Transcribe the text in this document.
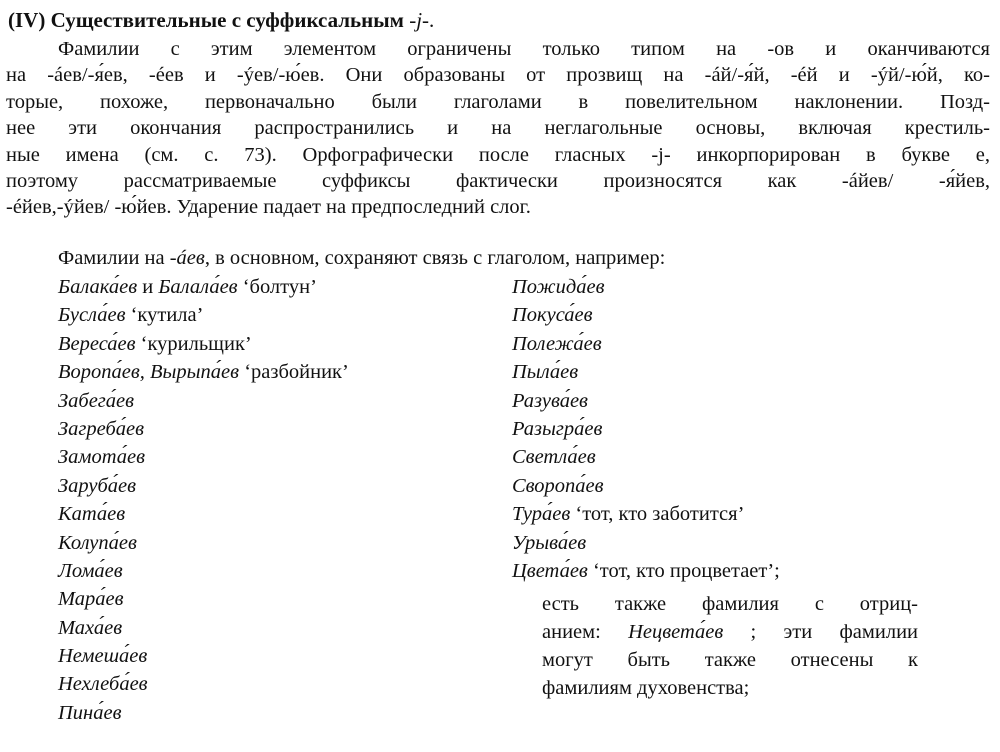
(IV) Существительные с суффиксальным -j-.
Фамилии с этим элементом ограничены только типом на -ов и оканчиваются
на -áев/-я́ев, -éев и -ýев/-ю́ев. Они образованы от прозвищ на -áй/-я́й, -éй и -ýй/-ю́й, ко-
торые, похоже, первоначально были глаголами в повелительном наклонении. Позд-
нее эти окончания распространились и на неглагольные основы, включая крестиль-
ные имена (см. с. 73). Орфографически после гласных -j- инкорпорирован в букве е,
поэтому рассматриваемые суффиксы фактически произносятся как -áйев/ -я́йев,
-éйев,-ýйев/ -ю́йев. Ударение падает на предпоследний слог.
Фамилии на -áев, в основном, сохраняют связь с глаголом, например:
Балака́ев и Балала́ев ‘болтун’
Бусла́ев ‘кутила’
Вереса́ев ‘курильщик’
Воропа́ев, Вырыпа́ев ‘разбойник’
Забега́ев
Загреба́ев
Замота́ев
Заруба́ев
Ката́ев
Колупа́ев
Лома́ев
Мара́ев
Маха́ев
Немеша́ев
Нехлеба́ев
Пина́ев
Пожида́ев
Покуса́ев
Полежа́ев
Пыла́ев
Разува́ев
Разыгра́ев
Светла́ев
Своропа́ев
Тура́ев ‘тот, кто заботится’
Урыва́ев
Цвета́ев ‘тот, кто процветает’;
есть также фамилия с отриц-
анием: Нецвета́ев ; эти фамилии
могут быть также отнесены к
фамилиям духовенства;
